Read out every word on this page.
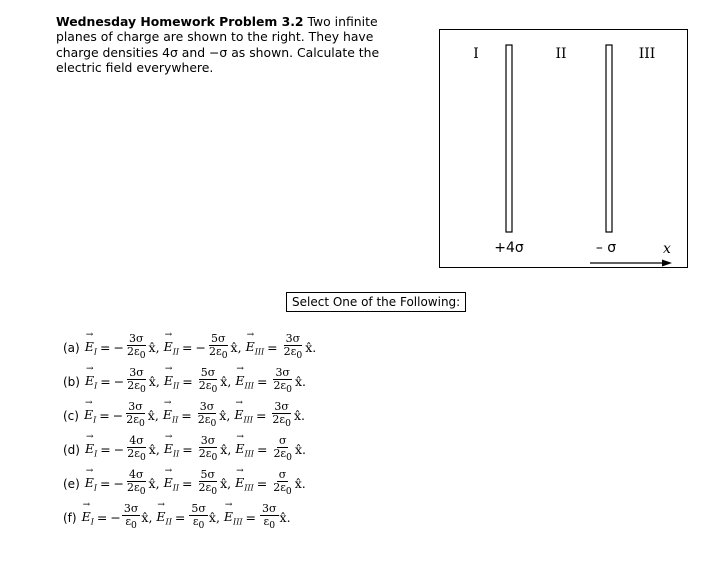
Wednesday Homework Problem 3.2 Two infinite planes of charge are shown to the right. They have charge densities 4σ and −σ as shown. Calculate the electric field everywhere.
I	II	III
+4σ	– σ	x
Select One of the Following:
(a)
→ $E_I$ = − $\frac{3\sigma}{2\varepsilon_0}$ x̂ ,
→ $E_{II}$ = − $\frac{5\sigma}{2\varepsilon_0}$ x̂ ,
→ $E_{III} = \frac{3\sigma}{2\varepsilon_0}$ x̂ .
(b)
→ $E_I$ = − $\frac{3\sigma}{2\varepsilon_0}$ x̂ ,
→ $E_{II} = \frac{5\sigma}{2\varepsilon_0}$ x̂ ,
→ $E_{III} = \frac{3\sigma}{2\varepsilon_0}$ x̂ .
(c)
→ $E_I$ = − $\frac{3\sigma}{2\varepsilon_0}$ x̂ ,
→ $E_{II} = \frac{3\sigma}{2\varepsilon_0}$ x̂ ,
→ $E_{III} = \frac{3\sigma}{2\varepsilon_0}$ x̂ .
(d)
→ $E_I$ = − $\frac{4\sigma}{2\varepsilon_0}$ x̂ ,
→ $E_{II} = \frac{3\sigma}{2\varepsilon_0}$ x̂ ,
→ $E_{III} = \frac{\sigma}{2\varepsilon_0}$ x̂ .
(e)
→ $E_I$ = − $\frac{4\sigma}{2\varepsilon_0}$ x̂ ,
→ $E_{II} = \frac{5\sigma}{2\varepsilon_0}$ x̂ ,
→ $E_{III} = \frac{\sigma}{2\varepsilon_0}$ x̂ .
(f)
→ $E_I$ = − $\frac{3\sigma}{\varepsilon_0}$ x̂ ,
→ $E_{II} = \frac{5\sigma}{\varepsilon_0}$ x̂ ,
→ $E_{III} = \frac{3\sigma}{\varepsilon_0}$ x̂ .
